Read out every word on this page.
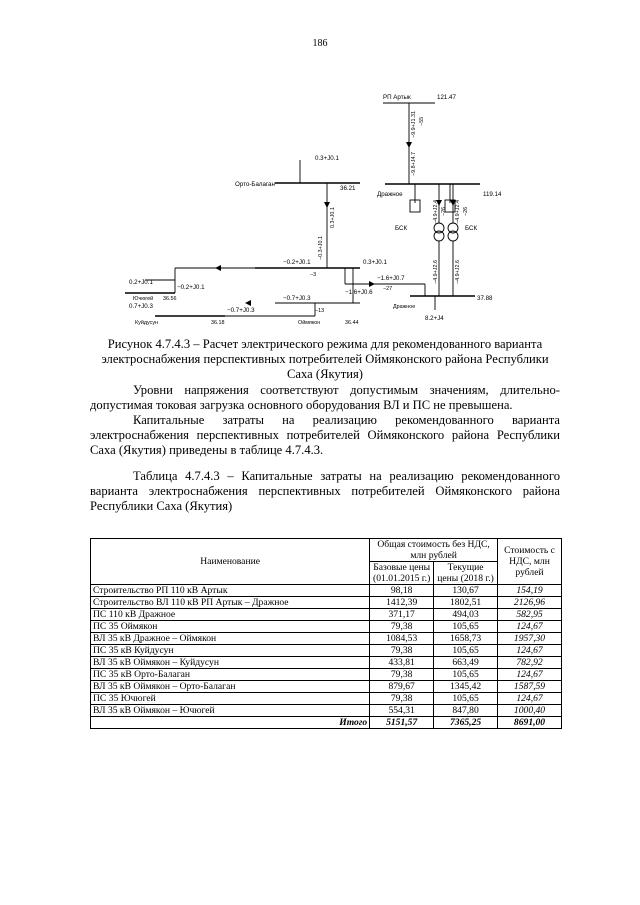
186
РП Артык	121.47
−9.9+J1.31 −55
−9.8+J4.7
Орто-Балаган
36.21
0.3+J0.1
0.3+J0.1
−0.3+J0.1
Дражное	119.14
БСК	БСК
−4.9+J2.4 −26 −4.9+J2.4 −26
−4.9+J2.6	−4.9+J2.6
0.2+J0.1
Ючюгей 36.56
−0.2+J0.1
−0.2+J0.1
−3
0.3+J0.1
0.7+J0.3
Куйдусун	36.18
−0.7+J0.3
−0.7+J0.3
−13
Оймякон	36.44
−1.6+J0.6
−1.6+J0.7
−27
Дражное
37.88
8.2+J4
Рисунок 4.7.4.3 – Расчет электрического режима для рекомендованного варианта электроснабжения перспективных потребителей Оймяконского района Республики Саха (Якутия)
Уровни напряжения соответствуют допустимым значениям, длительно-допустимая токовая загрузка основного оборудования ВЛ и ПС не превышена.
Капитальные затраты на реализацию рекомендованного варианта
электроснабжения перспективных потребителей Оймяконского района Республики
Саха (Якутия) приведены в таблице 4.7.4.3.
Таблица 4.7.4.3 – Капитальные затраты на реализацию рекомендованного
варианта электроснабжения перспективных потребителей Оймяконского района
Республики Саха (Якутия)
Наименование	Общая стоимость без НДС, млн рублей		Стоимость с НДС, млн рублей
	Базовые цены (01.01.2015 г.)	Текущие цены (2018 г.)	
Строительство РП 110 кВ Артык	98,18	130,67	154,19
Строительство ВЛ 110 кВ РП Артык – Дражное	1412,39	1802,51	2126,96
ПС 110 кВ Дражное	371,17	494,03	582,95
ПС 35 Оймякон	79,38	105,65	124,67
ВЛ 35 кВ Дражное – Оймякон	1084,53	1658,73	1957,30
ПС 35 кВ Куйдусун	79,38	105,65	124,67
ВЛ 35 кВ Оймякон – Куйдусун	433,81	663,49	782,92
ПС 35 кВ Орто-Балаган	79,38	105,65	124,67
ВЛ 35 кВ Оймякон – Орто-Балаган	879,67	1345,42	1587,59
ПС 35 Ючюгей	79,38	105,65	124,67
ВЛ 35 кВ Оймякон – Ючюгей	554,31	847,80	1000,40
Итого	5151,57	7365,25	8691,00
